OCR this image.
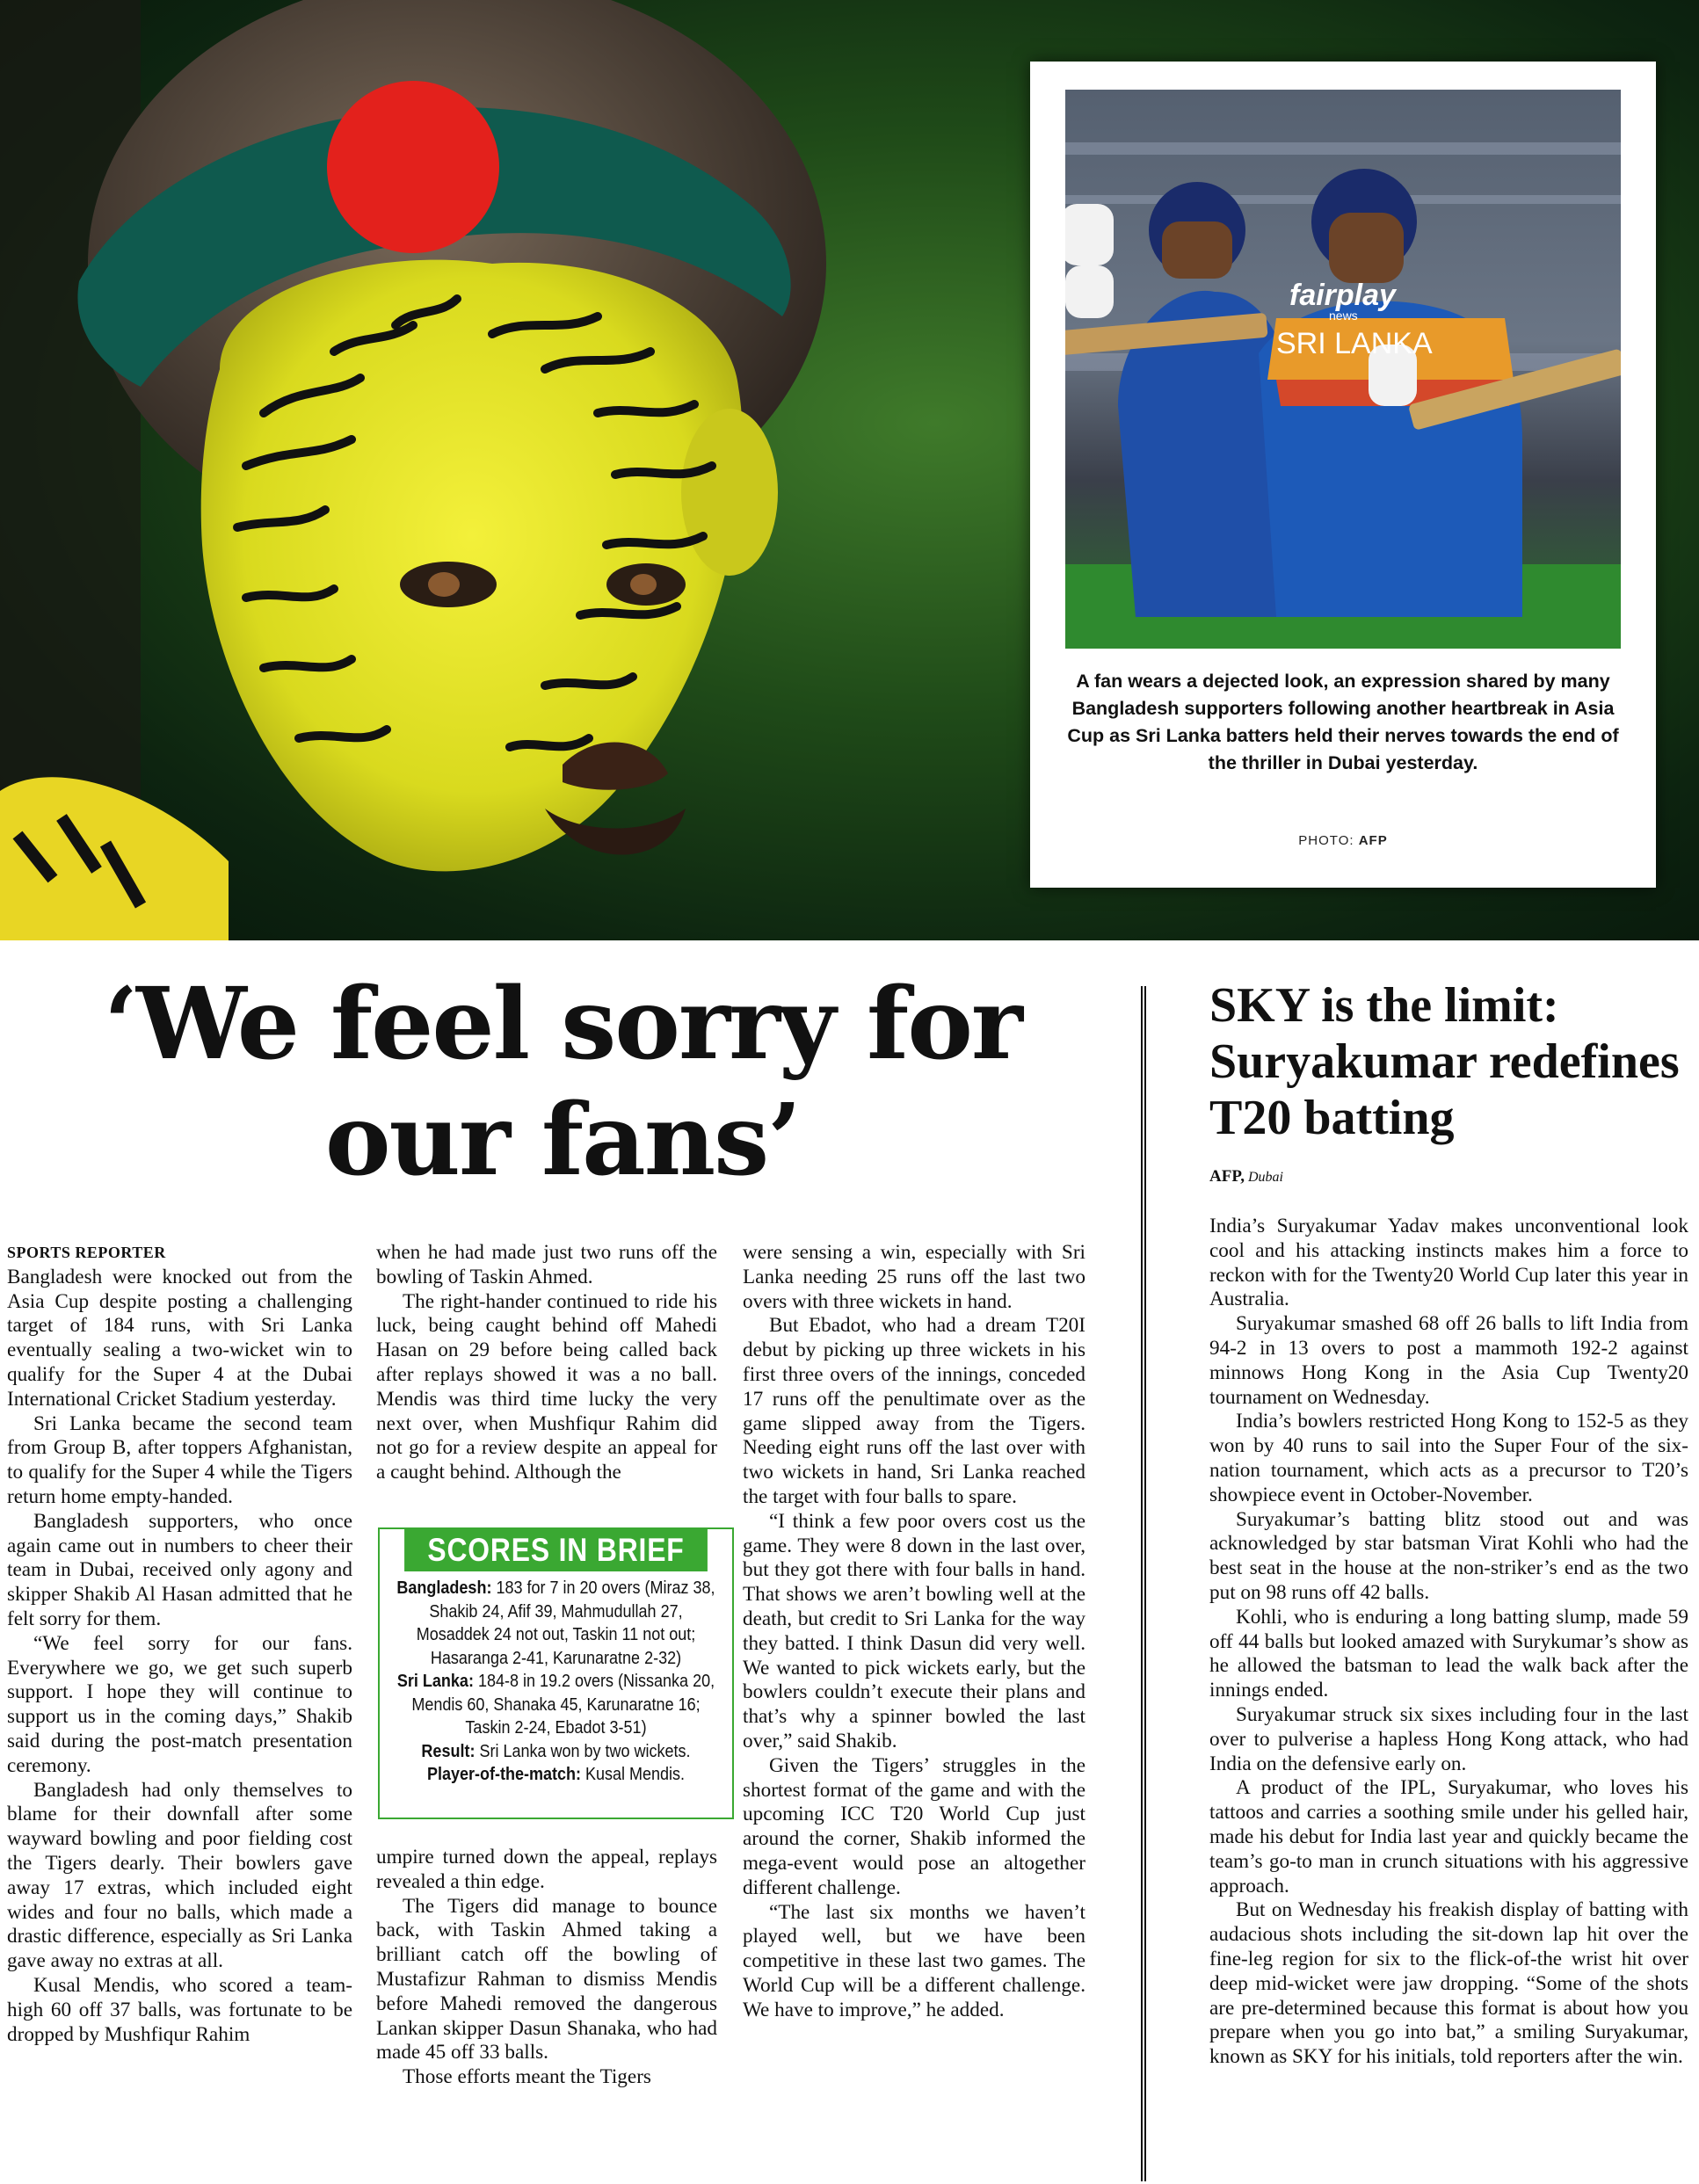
fairplay
news
SRI LANKA
A fan wears a dejected look, an expression shared by many Bangladesh supporters following another heartbreak in Asia Cup as Sri Lanka batters held their nerves towards the end of the thriller in Dubai yesterday.
PHOTO: AFP
‘We feel sorry for our fans’
SKY is the limit: Suryakumar redefines T20 batting
AFP, Dubai

SPORTS REPORTER

Bangladesh were knocked out from the Asia Cup despite posting a challenging target of 184 runs, with Sri Lanka eventually sealing a two-wicket win to qualify for the Super 4 at the Dubai International Cricket Stadium yesterday.

Sri Lanka became the second team from Group B, after toppers Afghanistan, to qualify for the Super 4 while the Tigers return home empty-handed.

Bangladesh supporters, who once again came out in numbers to cheer their team in Dubai, received only agony and skipper Shakib Al Hasan admitted that he felt sorry for them.

“We feel sorry for our fans. Everywhere we go, we get such superb support. I hope they will continue to support us in the coming days,” Shakib said during the post-match presentation ceremony.

Bangladesh had only themselves to blame for their downfall after some wayward bowling and poor fielding cost the Tigers dearly. Their bowlers gave away 17 extras, which included eight wides and four no balls, which made a drastic difference, especially as Sri Lanka gave away no extras at all.

Kusal Mendis, who scored a team-high 60 off 37 balls, was fortunate to be dropped by Mushfiqur Rahim

when he had made just two runs off the bowling of Taskin Ahmed.

The right-hander continued to ride his luck, being caught behind off Mahedi Hasan on 29 before being called back after replays showed it was a no ball. Mendis was third time lucky the very next over, when Mushfiqur Rahim did not go for a review despite an appeal for a caught behind. Although the

SCORES IN BRIEF

Bangladesh: 183 for 7 in 20 overs (Miraz 38, Shakib 24, Afif 39, Mahmudullah 27, Mosaddek 24 not out, Taskin 11 not out; Hasaranga 2-41, Karunaratne 2-32)

Sri Lanka: 184-8 in 19.2 overs (Nissanka 20, Mendis 60, Shanaka 45, Karunaratne 16; Taskin 2-24, Ebadot 3-51)

Result: Sri Lanka won by two wickets.

Player-of-the-match: Kusal Mendis.

umpire turned down the appeal, replays revealed a thin edge.

The Tigers did manage to bounce back, with Taskin Ahmed taking a brilliant catch off the bowling of Mustafizur Rahman to dismiss Mendis before Mahedi removed the dangerous Lankan skipper Dasun Shanaka, who had made 45 off 33 balls.

Those efforts meant the Tigers

were sensing a win, especially with Sri Lanka needing 25 runs off the last two overs with three wickets in hand.

But Ebadot, who had a dream T20I debut by picking up three wickets in his first three overs of the innings, conceded 17 runs off the penultimate over as the game slipped away from the Tigers. Needing eight runs off the last over with two wickets in hand, Sri Lanka reached the target with four balls to spare.

“I think a few poor overs cost us the game. They were 8 down in the last over, but they got there with four balls in hand. That shows we aren’t bowling well at the death, but credit to Sri Lanka for the way they batted. I think Dasun did very well. We wanted to pick wickets early, but the bowlers couldn’t execute their plans and that’s why a spinner bowled the last over,” said Shakib.

Given the Tigers’ struggles in the shortest format of the game and with the upcoming ICC T20 World Cup just around the corner, Shakib informed the mega-event would pose an altogether different challenge.

“The last six months we haven’t played well, but we have been competitive in these last two games. The World Cup will be a different challenge. We have to improve,” he added.

India’s Suryakumar Yadav makes unconventional look cool and his attacking instincts makes him a force to reckon with for the Twenty20 World Cup later this year in Australia.

Suryakumar smashed 68 off 26 balls to lift India from 94-2 in 13 overs to post a mammoth 192-2 against minnows Hong Kong in the Asia Cup Twenty20 tournament on Wednesday.

India’s bowlers restricted Hong Kong to 152-5 as they won by 40 runs to sail into the Super Four of the six-nation tournament, which acts as a precursor to T20’s showpiece event in October-November.

Suryakumar’s batting blitz stood out and was acknowledged by star batsman Virat Kohli who had the best seat in the house at the non-striker’s end as the two put on 98 runs off 42 balls.

Kohli, who is enduring a long batting slump, made 59 off 44 balls but looked amazed with Surykumar’s show as he allowed the batsman to lead the walk back after the innings ended.

Suryakumar struck six sixes including four in the last over to pulverise a hapless Hong Kong attack, who had India on the defensive early on.

A product of the IPL, Suryakumar, who loves his tattoos and carries a soothing smile under his gelled hair, made his debut for India last year and quickly became the team’s go-to man in crunch situations with his aggressive approach.

But on Wednesday his freakish display of batting with audacious shots including the sit-down lap hit over the fine-leg region for six to the flick-of-the wrist hit over deep mid-wicket were jaw dropping. “Some of the shots are pre-determined because this format is about how you prepare when you go into bat,” a smiling Suryakumar, known as SKY for his initials, told reporters after the win.
